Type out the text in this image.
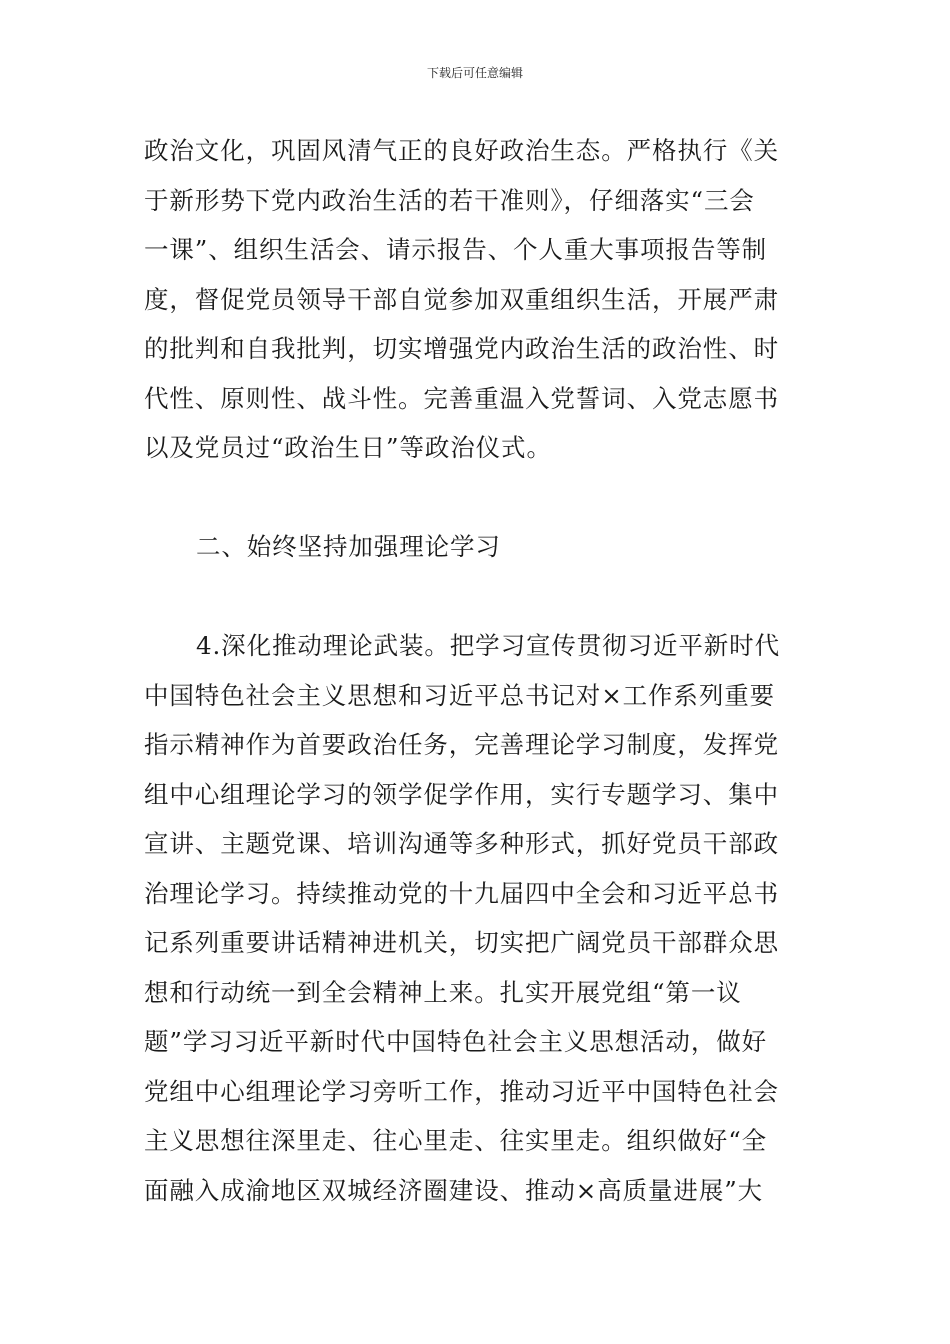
下载后可任意编辑
政治文化，巩固风清气正的良好政治生态。严格执行《关
于新形势下党内政治生活的若干准则》，仔细落实“三会
一课”、组织生活会、请示报告、个人重大事项报告等制
度，督促党员领导干部自觉参加双重组织生活，开展严肃
的批判和自我批判，切实增强党内政治生活的政治性、时
代性、原则性、战斗性。完善重温入党誓词、入党志愿书
以及党员过“政治生日”等政治仪式。
二、始终坚持加强理论学习
4.深化推动理论武装。把学习宣传贯彻习近平新时代
中国特色社会主义思想和习近平总书记对×工作系列重要
指示精神作为首要政治任务，完善理论学习制度，发挥党
组中心组理论学习的领学促学作用，实行专题学习、集中
宣讲、主题党课、培训沟通等多种形式，抓好党员干部政
治理论学习。持续推动党的十九届四中全会和习近平总书
记系列重要讲话精神进机关，切实把广阔党员干部群众思
想和行动统一到全会精神上来。扎实开展党组“第一议
题”学习习近平新时代中国特色社会主义思想活动，做好
党组中心组理论学习旁听工作，推动习近平中国特色社会
主义思想往深里走、往心里走、往实里走。组织做好“全
面融入成渝地区双城经济圈建设、推动×高质量进展”大
